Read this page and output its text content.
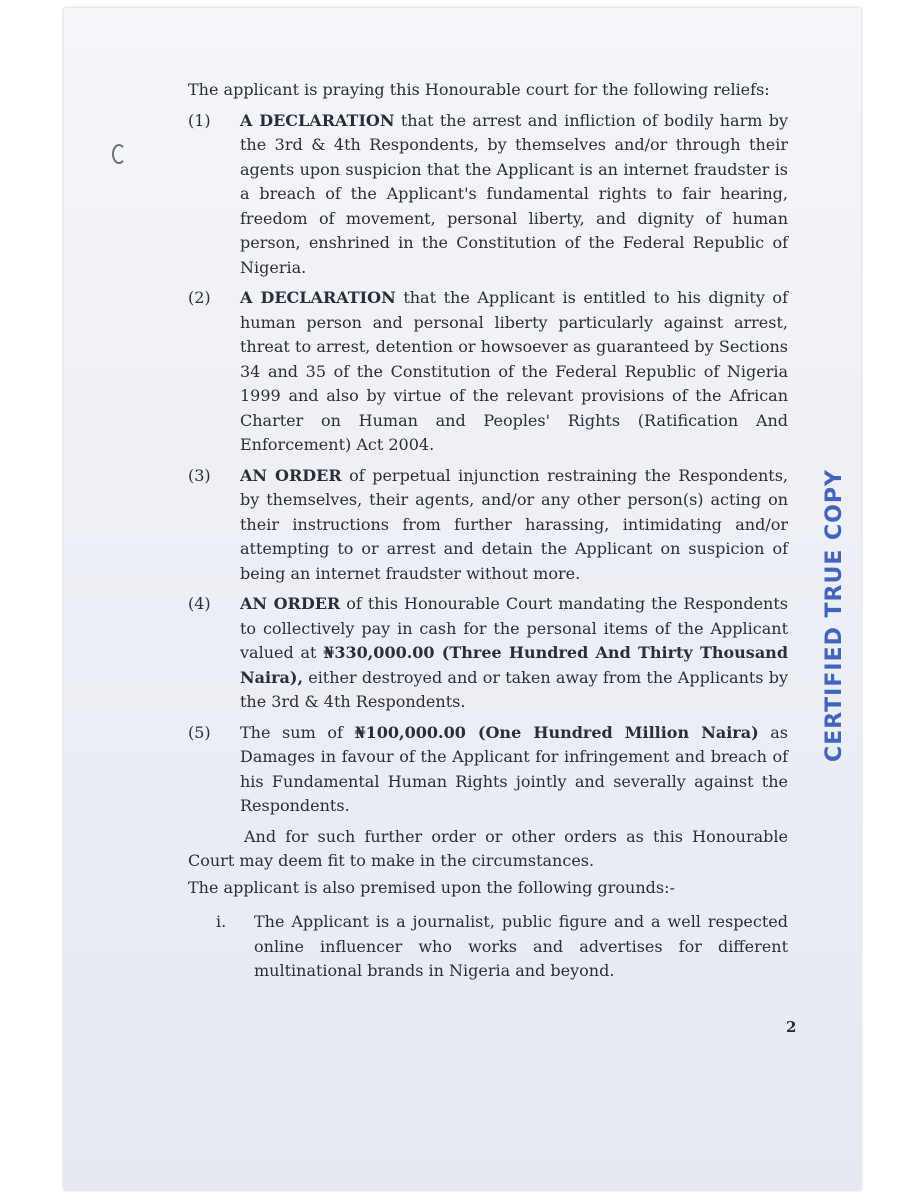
The applicant is praying this Honourable court for the following reliefs:

(1)	A DECLARATION that the arrest and infliction of bodily harm by the 3rd & 4th Respondents, by themselves and/or through their agents upon suspicion that the Applicant is an internet fraudster is a breach of the Applicant's fundamental rights to fair hearing, freedom of movement, personal liberty, and dignity of human person, enshrined in the Constitution of the Federal Republic of Nigeria.

(2)	A DECLARATION that the Applicant is entitled to his dignity of human person and personal liberty particularly against arrest, threat to arrest, detention or howsoever as guaranteed by Sections 34 and 35 of the Constitution of the Federal Republic of Nigeria 1999 and also by virtue of the relevant provisions of the African Charter on Human and Peoples' Rights (Ratification And Enforcement) Act 2004.

(3)	AN ORDER of perpetual injunction restraining the Respondents, by themselves, their agents, and/or any other person(s) acting on their instructions from further harassing, intimidating and/or attempting to or arrest and detain the Applicant on suspicion of being an internet fraudster without more.

(4)	AN ORDER of this Honourable Court mandating the Respondents to collectively pay in cash for the personal items of the Applicant valued at ₦330,000.00 (Three Hundred And Thirty Thousand Naira), either destroyed and or taken away from the Applicants by the 3rd & 4th Respondents.

(5)	The sum of ₦100,000.00 (One Hundred Million Naira) as Damages in favour of the Applicant for infringement and breach of his Fundamental Human Rights jointly and severally against the Respondents.

And for such further order or other orders as this Honourable Court may deem fit to make in the circumstances.

The applicant is also premised upon the following grounds:-

i.	The Applicant is a journalist, public figure and a well respected online influencer who works and advertises for different multinational brands in Nigeria and beyond.

2
CERTIFIED TRUE COPY
